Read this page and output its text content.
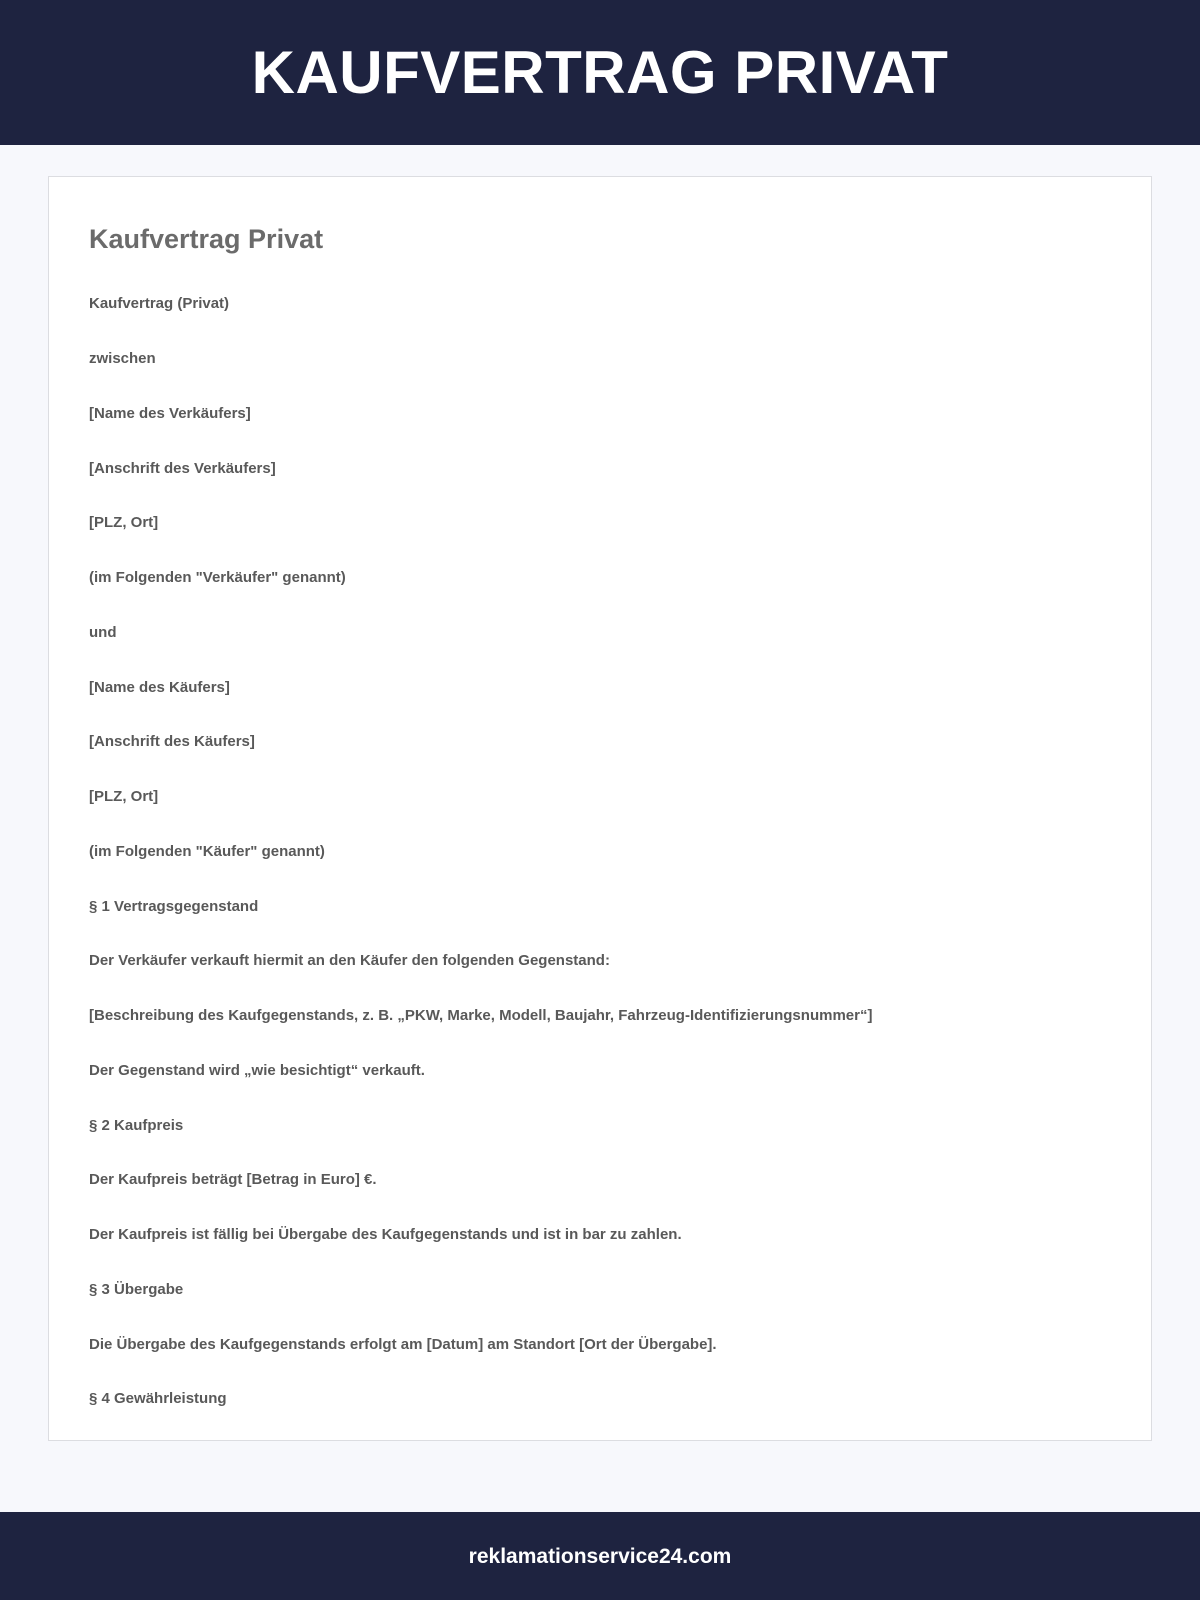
KAUFVERTRAG PRIVAT
Kaufvertrag Privat

Kaufvertrag (Privat)

zwischen

[Name des Verkäufers]

[Anschrift des Verkäufers]

[PLZ, Ort]

(im Folgenden "Verkäufer" genannt)

und

[Name des Käufers]

[Anschrift des Käufers]

[PLZ, Ort]

(im Folgenden "Käufer" genannt)

§ 1 Vertragsgegenstand

Der Verkäufer verkauft hiermit an den Käufer den folgenden Gegenstand:

[Beschreibung des Kaufgegenstands, z. B. „PKW, Marke, Modell, Baujahr, Fahrzeug-Identifizierungsnummer“]

Der Gegenstand wird „wie besichtigt“ verkauft.

§ 2 Kaufpreis

Der Kaufpreis beträgt [Betrag in Euro] €.

Der Kaufpreis ist fällig bei Übergabe des Kaufgegenstands und ist in bar zu zahlen.

§ 3 Übergabe

Die Übergabe des Kaufgegenstands erfolgt am [Datum] am Standort [Ort der Übergabe].

§ 4 Gewährleistung

reklamationservice24.com
